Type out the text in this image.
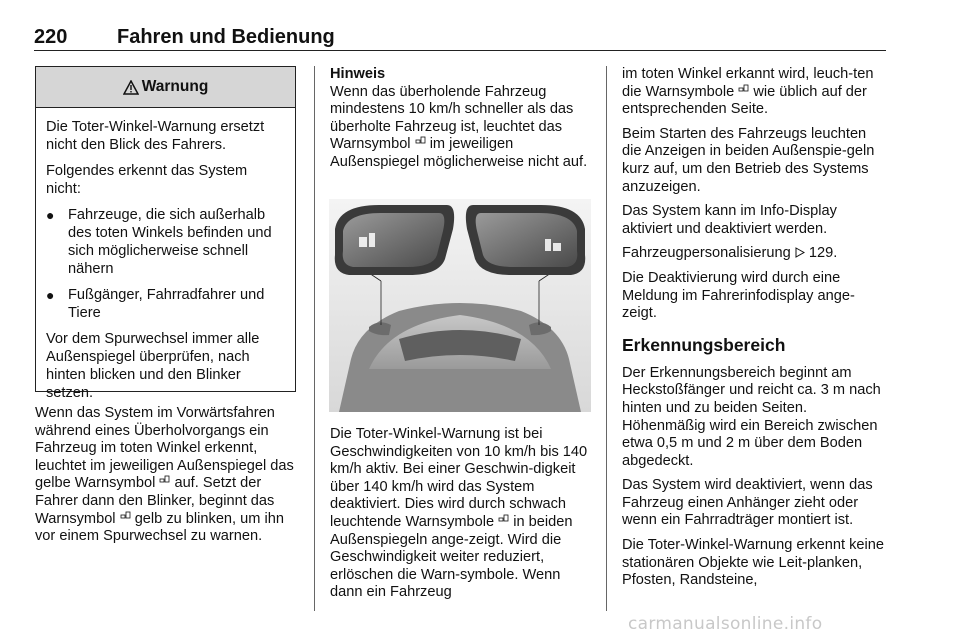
220 Fahren und Bedienung
Warnung

Die Toter-Winkel-Warnung ersetzt nicht den Blick des Fahrers.

Folgendes erkennt das System nicht:

● Fahrzeuge, die sich außerhalb des toten Winkels befinden und sich möglicherweise schnell nähern
● Fußgänger, Fahrradfahrer und Tiere

Vor dem Spurwechsel immer alle Außenspiegel überprüfen, nach hinten blicken und den Blinker setzen.

Wenn das System im Vorwärtsfahren während eines Überholvorgangs ein Fahrzeug im toten Winkel erkennt, leuchtet im jeweiligen Außenspiegel das gelbe Warnsymbol auf. Setzt der Fahrer dann den Blinker, beginnt das Warnsymbol gelb zu blinken, um ihn vor einem Spurwechsel zu warnen.

Hinweis

Wenn das überholende Fahrzeug mindestens 10 km/h schneller als das überholte Fahrzeug ist, leuchtet das Warnsymbol im jeweiligen Außenspiegel möglicherweise nicht auf.

Die Toter-Winkel-Warnung ist bei Geschwindigkeiten von 10 km/h bis 140 km/h aktiv. Bei einer Geschwin-digkeit über 140 km/h wird das System deaktiviert. Dies wird durch schwach leuchtende Warnsymbole in beiden Außenspiegeln ange-zeigt. Wird die Geschwindigkeit weiter reduziert, erlöschen die Warn-symbole. Wenn dann ein Fahrzeug

im toten Winkel erkannt wird, leuch-ten die Warnsymbole wie üblich auf der entsprechenden Seite.

Beim Starten des Fahrzeugs leuchten die Anzeigen in beiden Außenspie-geln kurz auf, um den Betrieb des Systems anzuzeigen.

Das System kann im Info-Display aktiviert und deaktiviert werden.

Fahrzeugpersonalisierung 129.

Die Deaktivierung wird durch eine Meldung im Fahrerinfodisplay ange-zeigt.

Erkennungsbereich

Der Erkennungsbereich beginnt am Heckstoßfänger und reicht ca. 3 m nach hinten und zu beiden Seiten. Höhenmäßig wird ein Bereich zwischen etwa 0,5 m und 2 m über dem Boden abgedeckt.

Das System wird deaktiviert, wenn das Fahrzeug einen Anhänger zieht oder wenn ein Fahrradträger montiert ist.

Die Toter-Winkel-Warnung erkennt keine stationären Objekte wie Leit-planken, Pfosten, Randsteine,

carmanualsonline.info
